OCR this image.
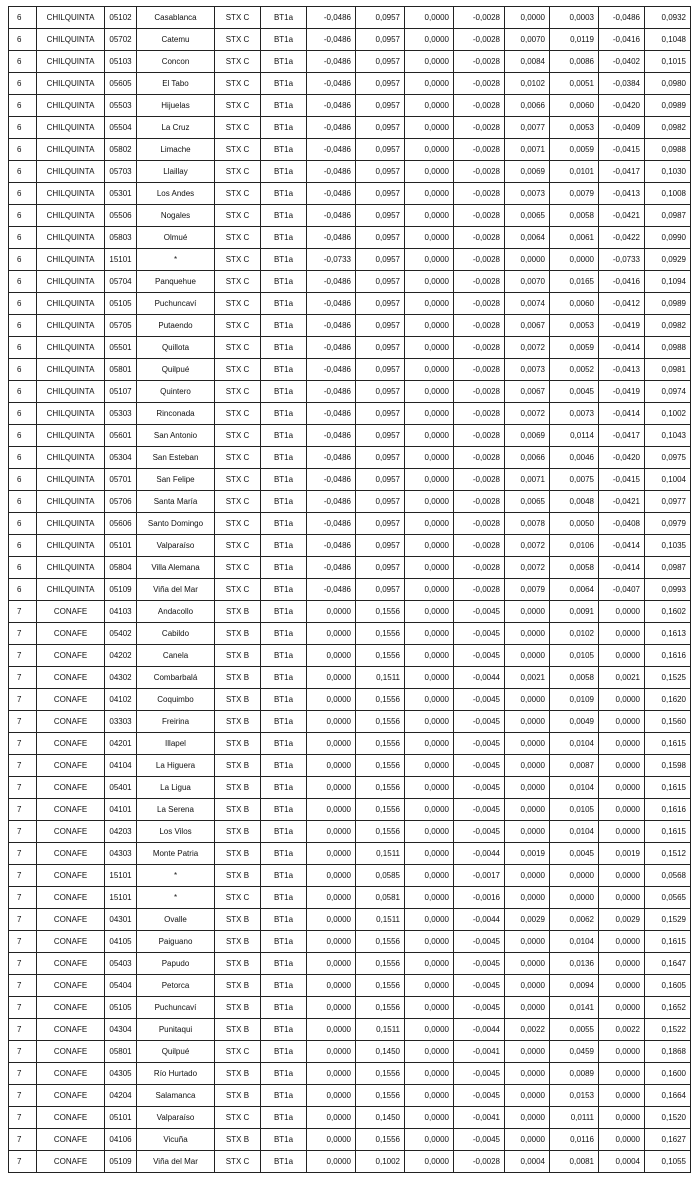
6	CHILQUINTA	05102	Casablanca	STX C	BT1a	-0,0486	0,0957	0,0000	-0,0028	0,0000	0,0003	-0,0486	0,0932
6	CHILQUINTA	05702	Catemu	STX C	BT1a	-0,0486	0,0957	0,0000	-0,0028	0,0070	0,0119	-0,0416	0,1048
6	CHILQUINTA	05103	Concon	STX C	BT1a	-0,0486	0,0957	0,0000	-0,0028	0,0084	0,0086	-0,0402	0,1015
6	CHILQUINTA	05605	El Tabo	STX C	BT1a	-0,0486	0,0957	0,0000	-0,0028	0,0102	0,0051	-0,0384	0,0980
6	CHILQUINTA	05503	Hijuelas	STX C	BT1a	-0,0486	0,0957	0,0000	-0,0028	0,0066	0,0060	-0,0420	0,0989
6	CHILQUINTA	05504	La Cruz	STX C	BT1a	-0,0486	0,0957	0,0000	-0,0028	0,0077	0,0053	-0,0409	0,0982
6	CHILQUINTA	05802	Limache	STX C	BT1a	-0,0486	0,0957	0,0000	-0,0028	0,0071	0,0059	-0,0415	0,0988
6	CHILQUINTA	05703	Llaillay	STX C	BT1a	-0,0486	0,0957	0,0000	-0,0028	0,0069	0,0101	-0,0417	0,1030
6	CHILQUINTA	05301	Los Andes	STX C	BT1a	-0,0486	0,0957	0,0000	-0,0028	0,0073	0,0079	-0,0413	0,1008
6	CHILQUINTA	05506	Nogales	STX C	BT1a	-0,0486	0,0957	0,0000	-0,0028	0,0065	0,0058	-0,0421	0,0987
6	CHILQUINTA	05803	Olmué	STX C	BT1a	-0,0486	0,0957	0,0000	-0,0028	0,0064	0,0061	-0,0422	0,0990
6	CHILQUINTA	15101	*	STX C	BT1a	-0,0733	0,0957	0,0000	-0,0028	0,0000	0,0000	-0,0733	0,0929
6	CHILQUINTA	05704	Panquehue	STX C	BT1a	-0,0486	0,0957	0,0000	-0,0028	0,0070	0,0165	-0,0416	0,1094
6	CHILQUINTA	05105	Puchuncaví	STX C	BT1a	-0,0486	0,0957	0,0000	-0,0028	0,0074	0,0060	-0,0412	0,0989
6	CHILQUINTA	05705	Putaendo	STX C	BT1a	-0,0486	0,0957	0,0000	-0,0028	0,0067	0,0053	-0,0419	0,0982
6	CHILQUINTA	05501	Quillota	STX C	BT1a	-0,0486	0,0957	0,0000	-0,0028	0,0072	0,0059	-0,0414	0,0988
6	CHILQUINTA	05801	Quilpué	STX C	BT1a	-0,0486	0,0957	0,0000	-0,0028	0,0073	0,0052	-0,0413	0,0981
6	CHILQUINTA	05107	Quintero	STX C	BT1a	-0,0486	0,0957	0,0000	-0,0028	0,0067	0,0045	-0,0419	0,0974
6	CHILQUINTA	05303	Rinconada	STX C	BT1a	-0,0486	0,0957	0,0000	-0,0028	0,0072	0,0073	-0,0414	0,1002
6	CHILQUINTA	05601	San Antonio	STX C	BT1a	-0,0486	0,0957	0,0000	-0,0028	0,0069	0,0114	-0,0417	0,1043
6	CHILQUINTA	05304	San Esteban	STX C	BT1a	-0,0486	0,0957	0,0000	-0,0028	0,0066	0,0046	-0,0420	0,0975
6	CHILQUINTA	05701	San Felipe	STX C	BT1a	-0,0486	0,0957	0,0000	-0,0028	0,0071	0,0075	-0,0415	0,1004
6	CHILQUINTA	05706	Santa María	STX C	BT1a	-0,0486	0,0957	0,0000	-0,0028	0,0065	0,0048	-0,0421	0,0977
6	CHILQUINTA	05606	Santo Domingo	STX C	BT1a	-0,0486	0,0957	0,0000	-0,0028	0,0078	0,0050	-0,0408	0,0979
6	CHILQUINTA	05101	Valparaíso	STX C	BT1a	-0,0486	0,0957	0,0000	-0,0028	0,0072	0,0106	-0,0414	0,1035
6	CHILQUINTA	05804	Villa Alemana	STX C	BT1a	-0,0486	0,0957	0,0000	-0,0028	0,0072	0,0058	-0,0414	0,0987
6	CHILQUINTA	05109	Viña del Mar	STX C	BT1a	-0,0486	0,0957	0,0000	-0,0028	0,0079	0,0064	-0,0407	0,0993
7	CONAFE	04103	Andacollo	STX B	BT1a	0,0000	0,1556	0,0000	-0,0045	0,0000	0,0091	0,0000	0,1602
7	CONAFE	05402	Cabildo	STX B	BT1a	0,0000	0,1556	0,0000	-0,0045	0,0000	0,0102	0,0000	0,1613
7	CONAFE	04202	Canela	STX B	BT1a	0,0000	0,1556	0,0000	-0,0045	0,0000	0,0105	0,0000	0,1616
7	CONAFE	04302	Combarbalá	STX B	BT1a	0,0000	0,1511	0,0000	-0,0044	0,0021	0,0058	0,0021	0,1525
7	CONAFE	04102	Coquimbo	STX B	BT1a	0,0000	0,1556	0,0000	-0,0045	0,0000	0,0109	0,0000	0,1620
7	CONAFE	03303	Freirina	STX B	BT1a	0,0000	0,1556	0,0000	-0,0045	0,0000	0,0049	0,0000	0,1560
7	CONAFE	04201	Illapel	STX B	BT1a	0,0000	0,1556	0,0000	-0,0045	0,0000	0,0104	0,0000	0,1615
7	CONAFE	04104	La Higuera	STX B	BT1a	0,0000	0,1556	0,0000	-0,0045	0,0000	0,0087	0,0000	0,1598
7	CONAFE	05401	La Ligua	STX B	BT1a	0,0000	0,1556	0,0000	-0,0045	0,0000	0,0104	0,0000	0,1615
7	CONAFE	04101	La Serena	STX B	BT1a	0,0000	0,1556	0,0000	-0,0045	0,0000	0,0105	0,0000	0,1616
7	CONAFE	04203	Los Vilos	STX B	BT1a	0,0000	0,1556	0,0000	-0,0045	0,0000	0,0104	0,0000	0,1615
7	CONAFE	04303	Monte Patria	STX B	BT1a	0,0000	0,1511	0,0000	-0,0044	0,0019	0,0045	0,0019	0,1512
7	CONAFE	15101	*	STX B	BT1a	0,0000	0,0585	0,0000	-0,0017	0,0000	0,0000	0,0000	0,0568
7	CONAFE	15101	*	STX C	BT1a	0,0000	0,0581	0,0000	-0,0016	0,0000	0,0000	0,0000	0,0565
7	CONAFE	04301	Ovalle	STX B	BT1a	0,0000	0,1511	0,0000	-0,0044	0,0029	0,0062	0,0029	0,1529
7	CONAFE	04105	Paiguano	STX B	BT1a	0,0000	0,1556	0,0000	-0,0045	0,0000	0,0104	0,0000	0,1615
7	CONAFE	05403	Papudo	STX B	BT1a	0,0000	0,1556	0,0000	-0,0045	0,0000	0,0136	0,0000	0,1647
7	CONAFE	05404	Petorca	STX B	BT1a	0,0000	0,1556	0,0000	-0,0045	0,0000	0,0094	0,0000	0,1605
7	CONAFE	05105	Puchuncaví	STX B	BT1a	0,0000	0,1556	0,0000	-0,0045	0,0000	0,0141	0,0000	0,1652
7	CONAFE	04304	Punitaqui	STX B	BT1a	0,0000	0,1511	0,0000	-0,0044	0,0022	0,0055	0,0022	0,1522
7	CONAFE	05801	Quilpué	STX C	BT1a	0,0000	0,1450	0,0000	-0,0041	0,0000	0,0459	0,0000	0,1868
7	CONAFE	04305	Río Hurtado	STX B	BT1a	0,0000	0,1556	0,0000	-0,0045	0,0000	0,0089	0,0000	0,1600
7	CONAFE	04204	Salamanca	STX B	BT1a	0,0000	0,1556	0,0000	-0,0045	0,0000	0,0153	0,0000	0,1664
7	CONAFE	05101	Valparaíso	STX C	BT1a	0,0000	0,1450	0,0000	-0,0041	0,0000	0,0111	0,0000	0,1520
7	CONAFE	04106	Vicuña	STX B	BT1a	0,0000	0,1556	0,0000	-0,0045	0,0000	0,0116	0,0000	0,1627
7	CONAFE	05109	Viña del Mar	STX C	BT1a	0,0000	0,1002	0,0000	-0,0028	0,0004	0,0081	0,0004	0,1055
